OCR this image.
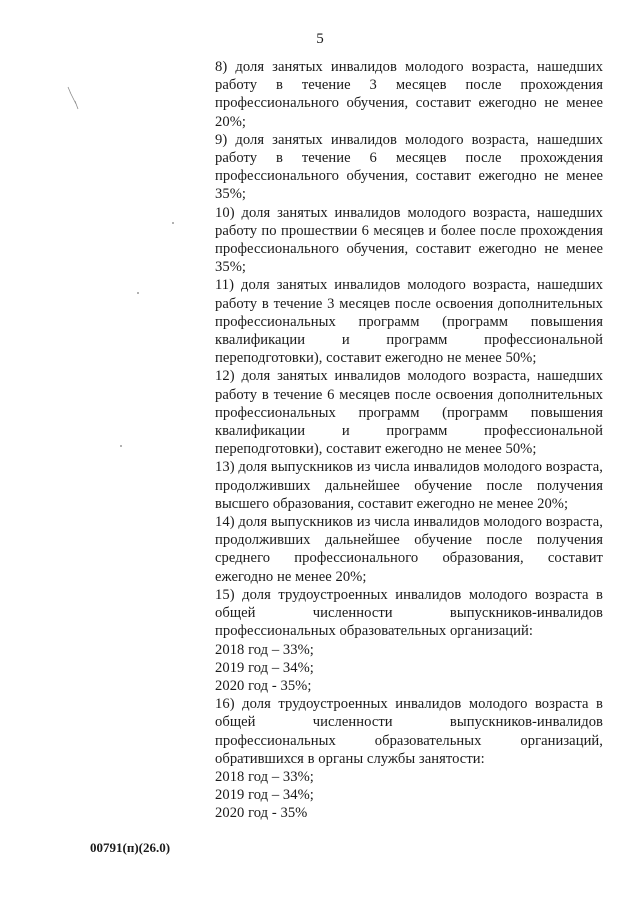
5

8) доля занятых инвалидов молодого возраста, нашедших работу в течение 3 месяцев после прохождения профессионального обучения, составит ежегодно не менее 20%;

9) доля занятых инвалидов молодого возраста, нашедших работу в течение 6 месяцев после прохождения профессионального обучения, составит ежегодно не менее 35%;

10) доля занятых инвалидов молодого возраста, нашедших работу по прошествии 6 месяцев и более после прохождения профессионального обучения, составит ежегодно не менее 35%;

11) доля занятых инвалидов молодого возраста, нашедших работу в течение 3 месяцев после освоения дополнительных профессиональных программ (программ повышения квалификации и программ профессиональной переподготовки), составит ежегодно не менее 50%;

12) доля занятых инвалидов молодого возраста, нашедших работу в течение 6 месяцев после освоения дополнительных профессиональных программ (программ повышения квалификации и программ профессиональной переподготовки), составит ежегодно не менее 50%;

13) доля выпускников из числа инвалидов молодого возраста, продолживших дальнейшее обучение после получения высшего образования, составит ежегодно не менее 20%;

14) доля выпускников из числа инвалидов молодого возраста, продолживших дальнейшее обучение после получения среднего профессионального образования, составит ежегодно не менее 20%;

15) доля трудоустроенных инвалидов молодого возраста в общей численности выпускников-инвалидов профессиональных образовательных организаций:

2018 год – 33%;

2019 год – 34%;

2020 год - 35%;

16) доля трудоустроенных инвалидов молодого возраста в общей численности выпускников-инвалидов профессиональных образовательных организаций, обратившихся в органы службы занятости:

2018 год – 33%;

2019 год – 34%;

2020 год - 35%

00791(п)(26.0)
